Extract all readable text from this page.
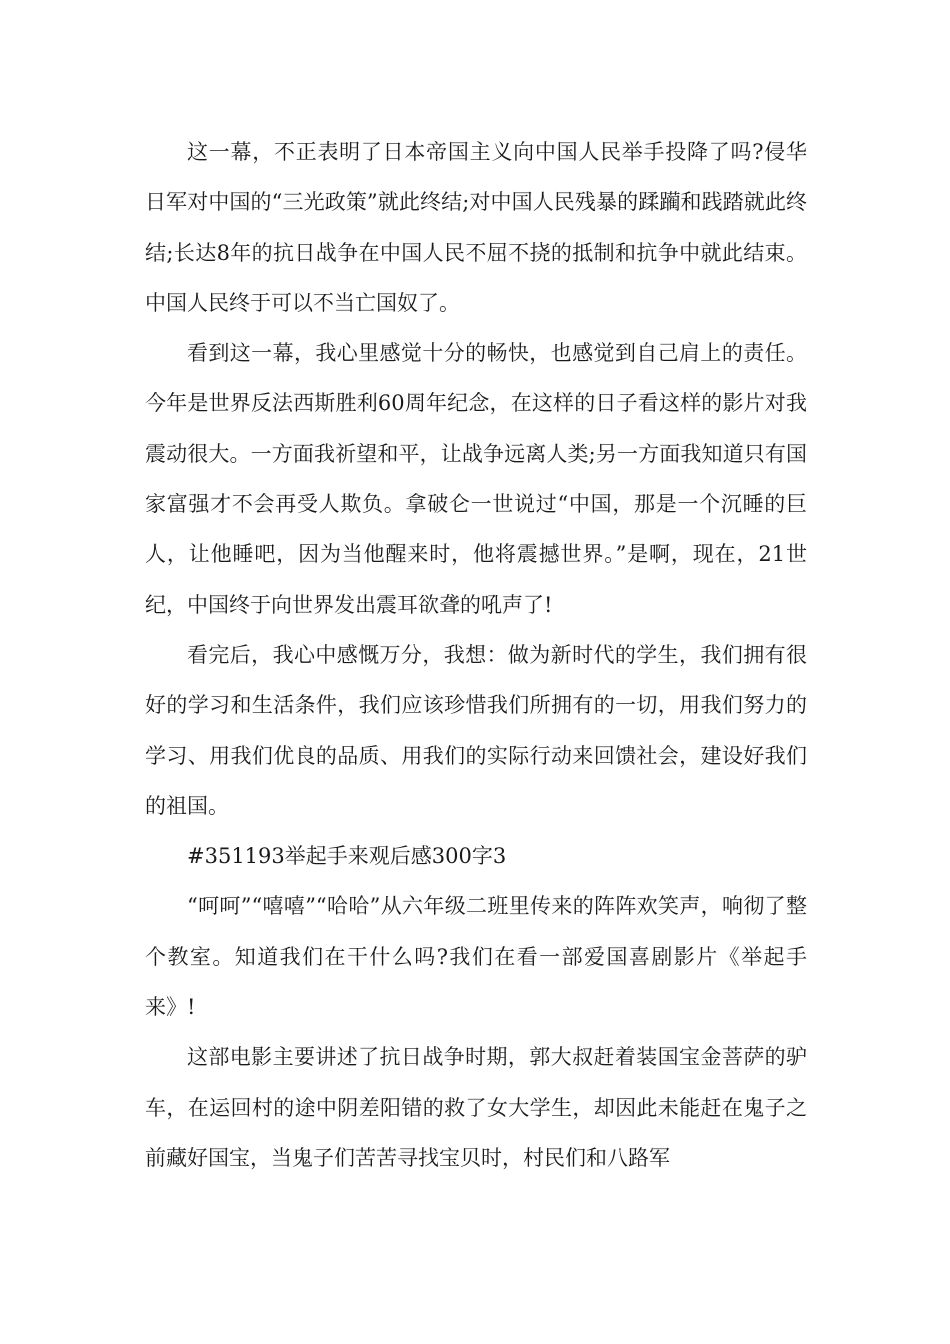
这一幕，不正表明了日本帝国主义向中国人民举手投降了吗?侵华日军对中国的“三光政策”就此终结;对中国人民残暴的蹂躏和践踏就此终结;长达8年的抗日战争在中国人民不屈不挠的抵制和抗争中就此结束。中国人民终于可以不当亡国奴了。

看到这一幕，我心里感觉十分的畅快，也感觉到自己肩上的责任。今年是世界反法西斯胜利60周年纪念，在这样的日子看这样的影片对我震动很大。一方面我祈望和平，让战争远离人类;另一方面我知道只有国家富强才不会再受人欺负。拿破仑一世说过“中国，那是一个沉睡的巨人，让他睡吧，因为当他醒来时，他将震撼世界。”是啊，现在，21世纪，中国终于向世界发出震耳欲聋的吼声了!

看完后，我心中感慨万分，我想：做为新时代的学生，我们拥有很好的学习和生活条件，我们应该珍惜我们所拥有的一切，用我们努力的学习、用我们优良的品质、用我们的实际行动来回馈社会，建设好我们的祖国。

#351193举起手来观后感300字3

“呵呵”“嘻嘻”“哈哈”从六年级二班里传来的阵阵欢笑声，响彻了整个教室。知道我们在干什么吗?我们在看一部爱国喜剧影片《举起手来》!

这部电影主要讲述了抗日战争时期，郭大叔赶着装国宝金菩萨的驴车，在运回村的途中阴差阳错的救了女大学生，却因此未能赶在鬼子之前藏好国宝，当鬼子们苦苦寻找宝贝时，村民们和八路军
